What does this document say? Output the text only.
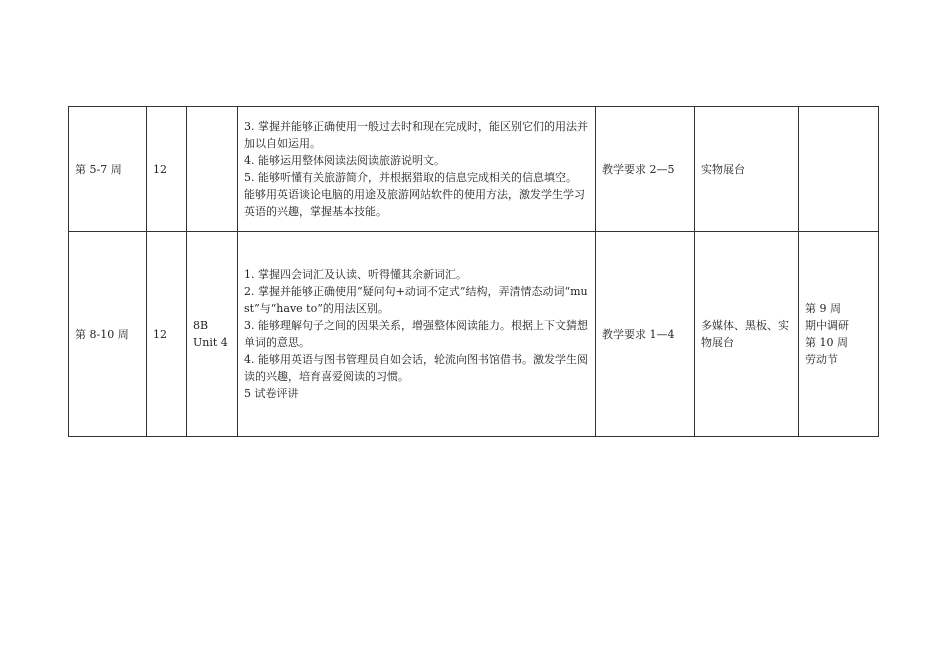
第 5-7 周	12		3. 掌握并能够正确使用一般过去时和现在完成时，能区别它们的用法并加以自如运用。
4. 能够运用整体阅读法阅读旅游说明文。
5. 能够听懂有关旅游简介，并根据猎取的信息完成相关的信息填空。
能够用英语谈论电脑的用途及旅游网站软件的使用方法，激发学生学习英语的兴趣，掌握基本技能。	教学要求 2—5	实物展台	
第 8-10 周	12	8B
Unit 4	1. 掌握四会词汇及认读、听得懂其余新词汇。
2. 掌握并能够正确使用“疑问句+动词不定式”结构，弄清情态动词“must”与“have to”的用法区别。
3. 能够理解句子之间的因果关系，增强整体阅读能力。根据上下文猜想单词的意思。
4. 能够用英语与图书管理员自如会话，轮流向图书馆借书。激发学生阅读的兴趣，培育喜爱阅读的习惯。
5 试卷评讲	教学要求 1—4	多媒体、黑板、实物展台	第 9 周
期中调研
第 10 周
劳动节
